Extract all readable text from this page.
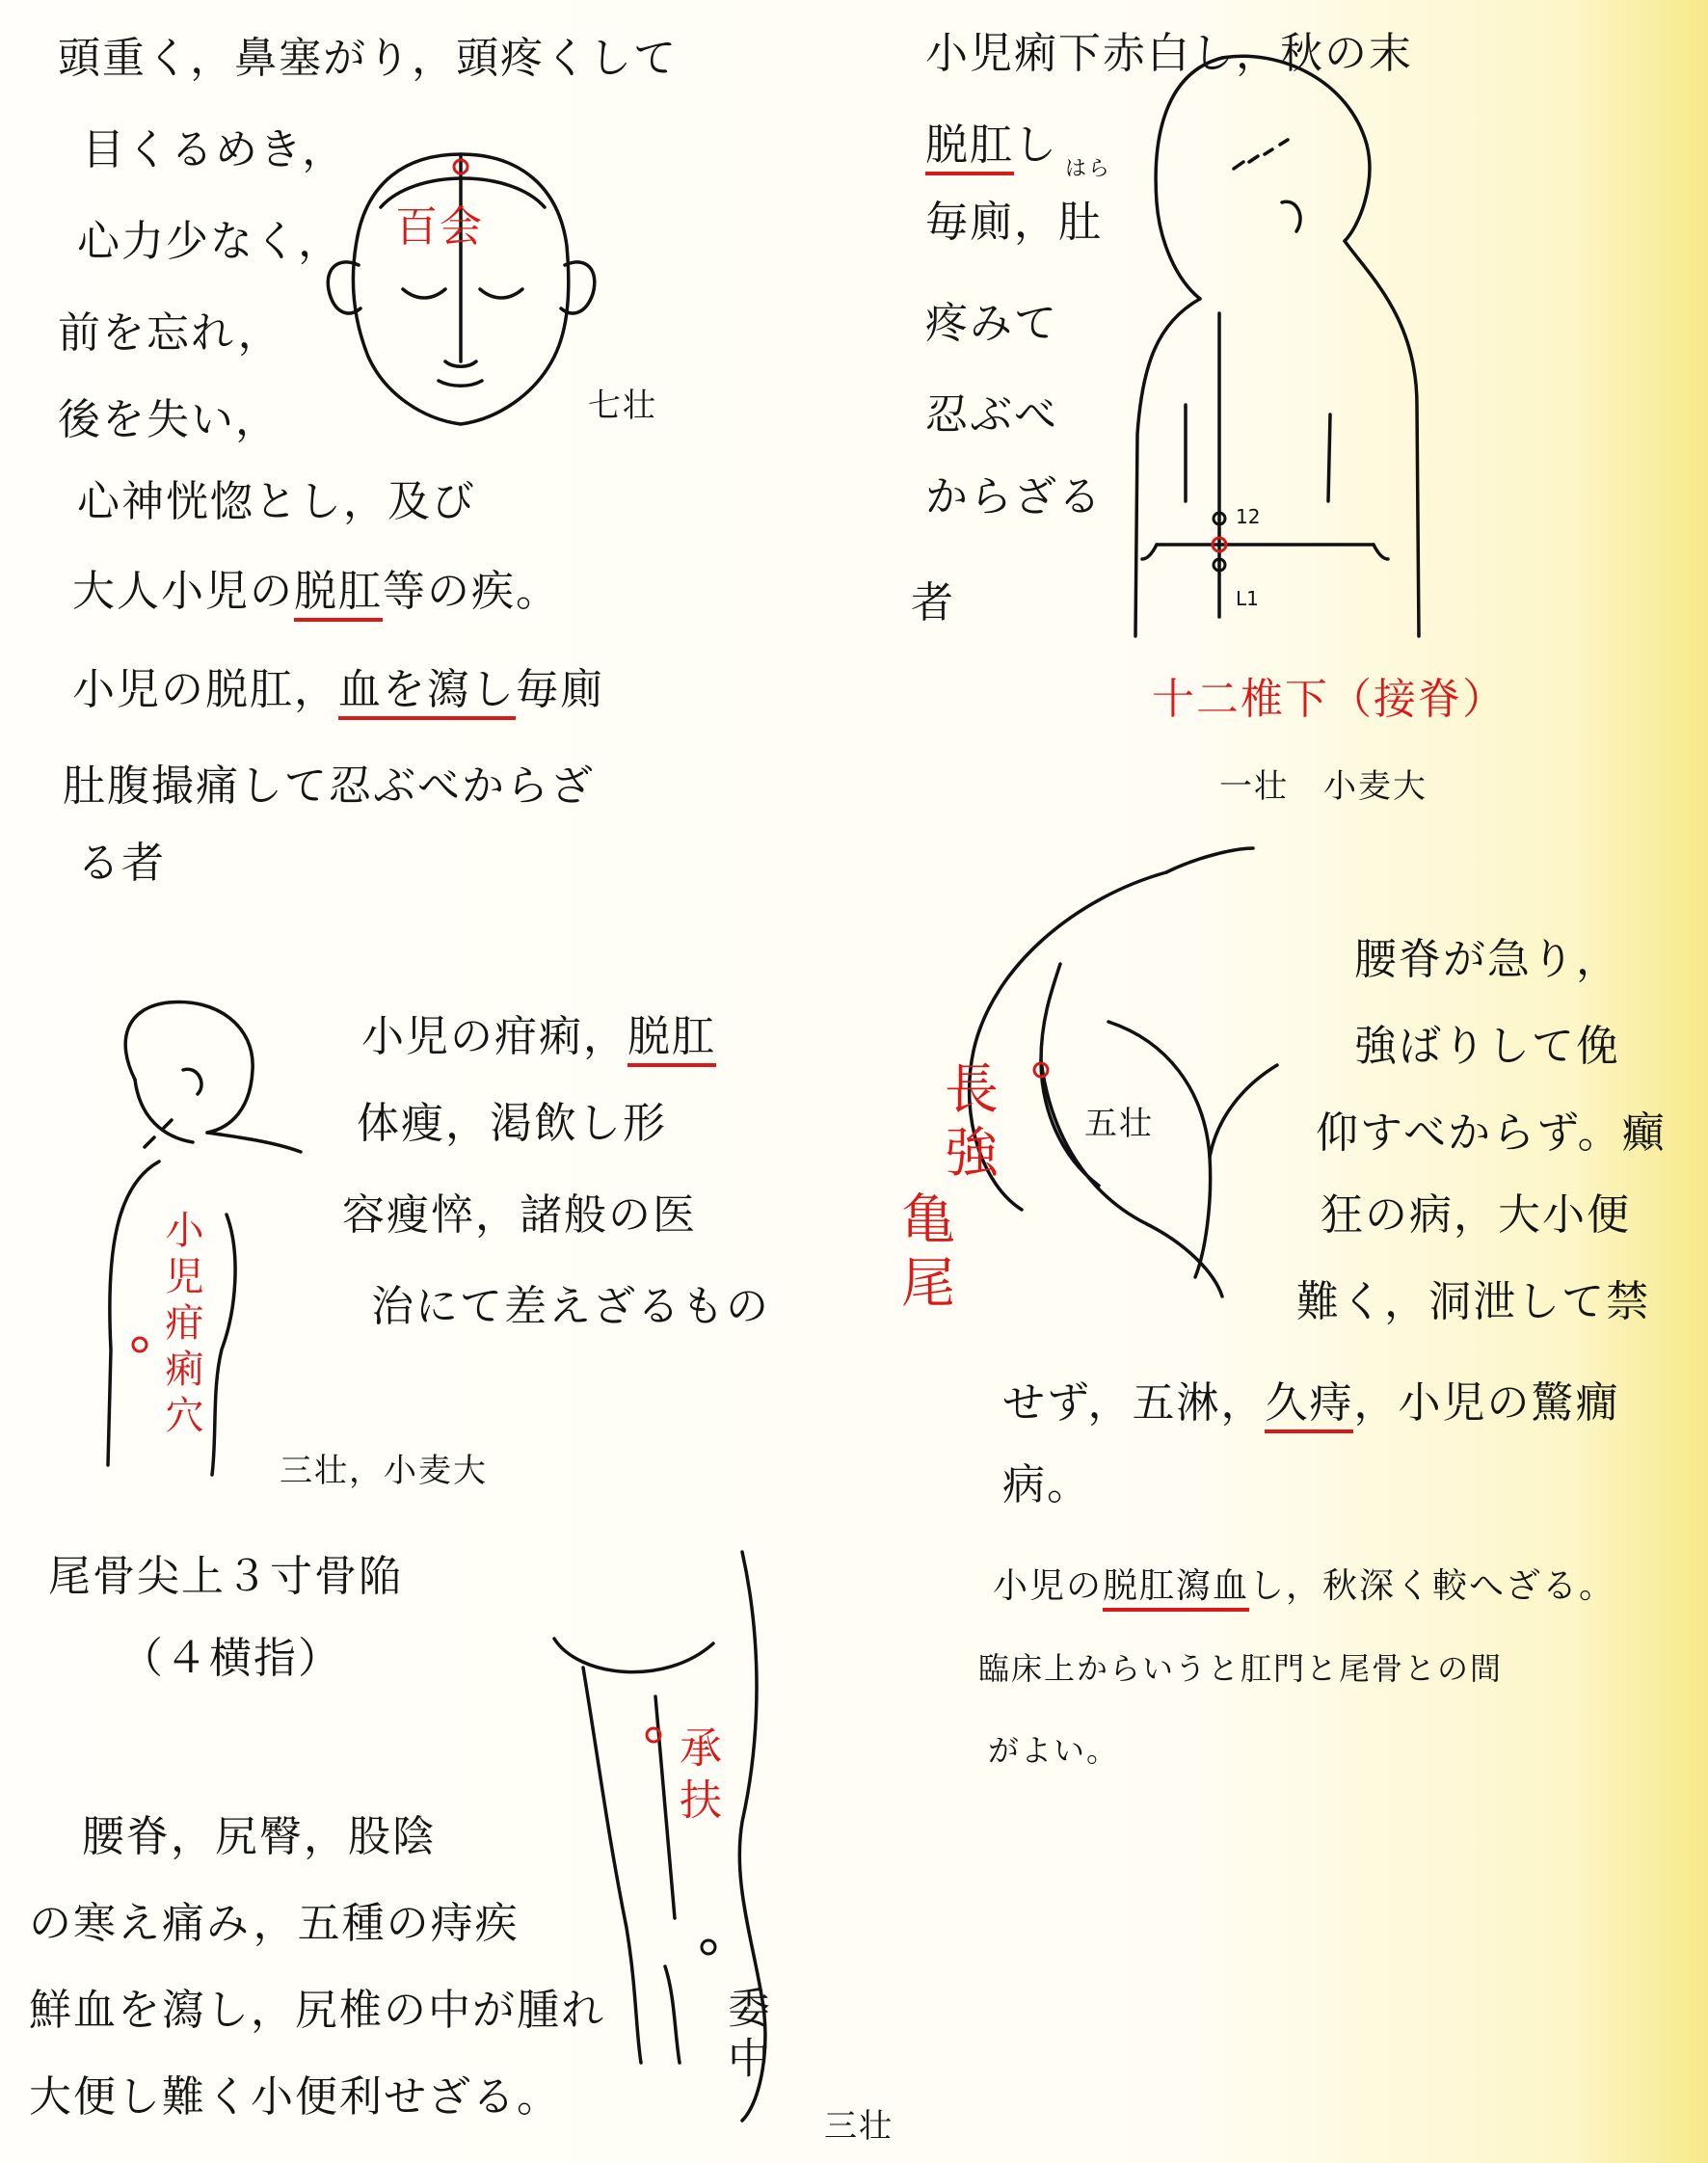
12
L1
頭重く，鼻塞がり，頭疼くして
目くるめき，
心力少なく，
前を忘れ，
後を失い，
心神恍惚とし，及び
大人小児の脱肛等の疾。
小児の脱肛，血を瀉し毎廁
肚腹撮痛して忍ぶべからざ
る者
百会
七壮
小児痢下赤白し，秋の末
脱肛し はら
毎廁，肚
疼みて
忍ぶべ
からざる
者
十二椎下（接脊）
一壮　小麦大
小児の疳痢，脱肛
体瘦，渇飲し形
容瘦悴，諸般の医
治にて差えざるもの
小児疳痢穴
三壮，小麦大
腰脊が急り，
強ばりして俛
仰すべからず。癲
狂の病，大小便
難く，洞泄して禁
せず，五淋，久痔，小児の驚癇
病。
小児の脱肛瀉血し，秋深く較へざる。
臨床上からいうと肛門と尾骨との間
がよい。
長強
亀尾
五壮
尾骨尖上３寸骨陥
（４横指）
腰脊，尻臀，股陰
の寒え痛み，五種の痔疾
鮮血を瀉し，尻椎の中が腫れ
大便し難く小便利せざる。
承扶
委中
三壮
